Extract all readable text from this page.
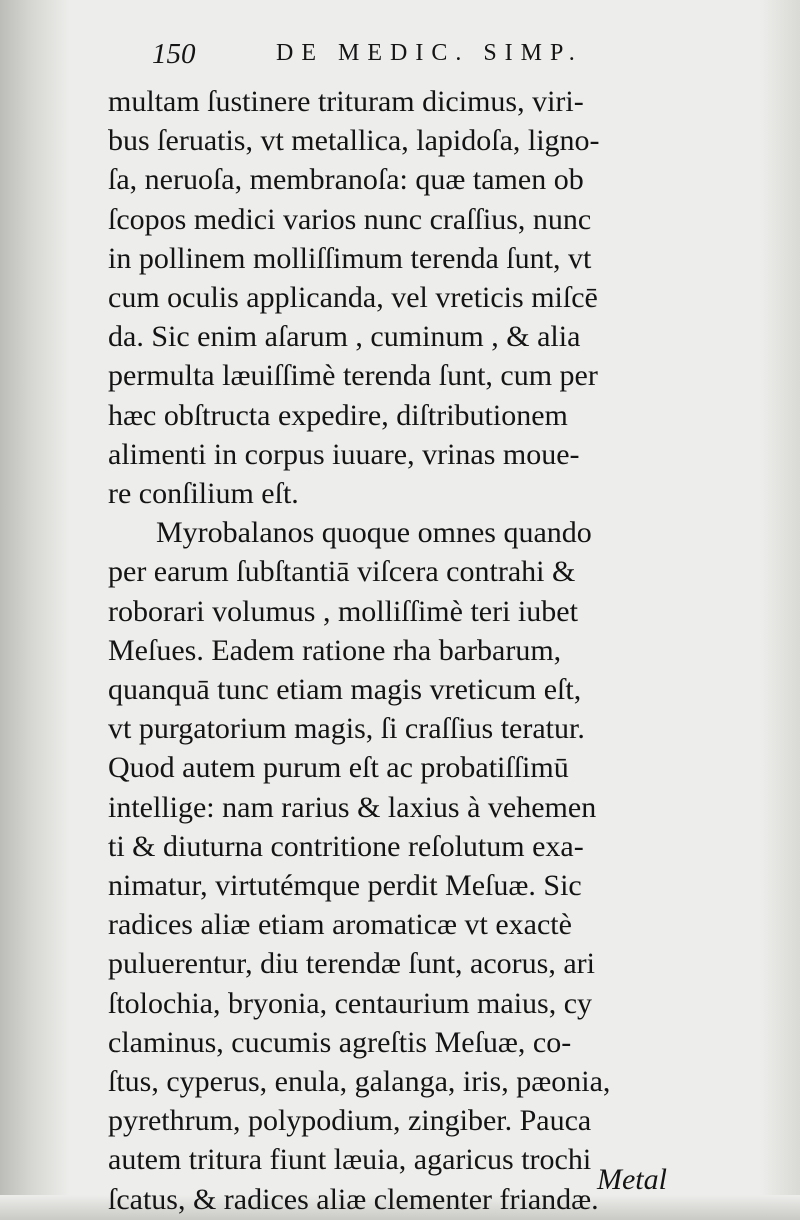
150	DE MEDIC. SIMP.
multam ſustinere trituram dicimus, viri-
bus ſeruatis, vt metallica, lapidoſa, ligno-
ſa, neruoſa, membranoſa: quæ tamen ob
ſcopos medici varios nunc craſſius, nunc
in pollinem molliſſimum terenda ſunt, vt
cum oculis applicanda, vel vreticis miſcē
da. Sic enim aſarum , cuminum , & alia
permulta læuiſſimè terenda ſunt, cum per
hæc obſtructa expedire, diſtributionem
alimenti in corpus iuuare, vrinas moue-
re conſilium eſt.
Myrobalanos quoque omnes quando
per earum ſubſtantiā viſcera contrahi &
roborari volumus , molliſſimè teri iubet
Meſues. Eadem ratione rha barbarum,
quanquā tunc etiam magis vreticum eſt,
vt purgatorium magis, ſi craſſius teratur.
Quod autem purum eſt ac probatiſſimū
intellige: nam rarius & laxius à vehemen
ti & diuturna contritione reſolutum exa-
nimatur, virtutémque perdit Meſuæ. Sic
radices aliæ etiam aromaticæ vt exactè
puluerentur, diu terendæ ſunt, acorus, ari
ſtolochia, bryonia, centaurium maius, cy
claminus, cucumis agreſtis Meſuæ, co-
ſtus, cyperus, enula, galanga, iris, pæonia,
pyrethrum, polypodium, zingiber. Pauca
autem tritura fiunt læuia, agaricus trochi
ſcatus, & radices aliæ clementer friandæ.
Metal
